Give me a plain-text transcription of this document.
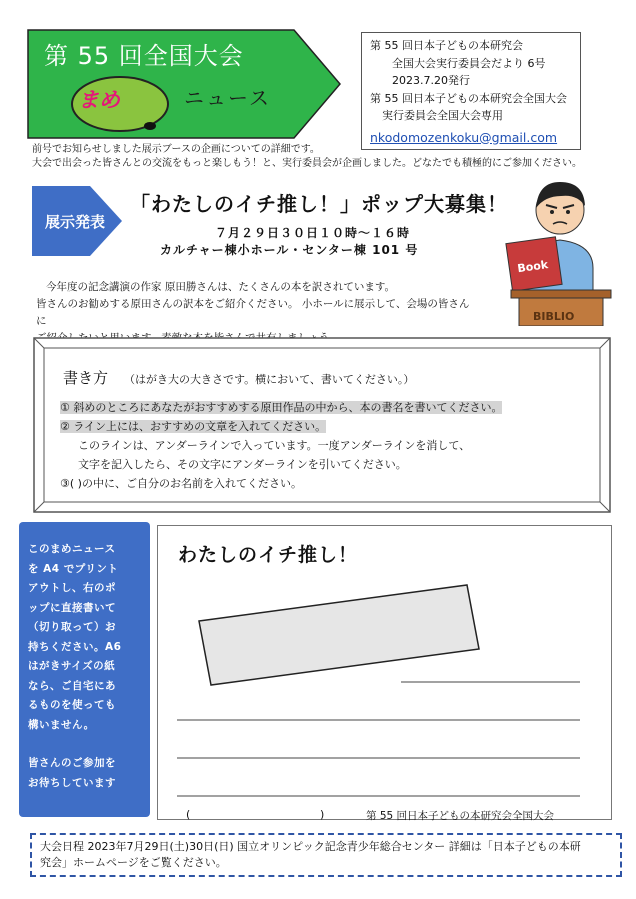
第 55 回全国大会
まめ	ニュース
第 55 回日本子どもの本研究会
全国大会実行委員会だより 6号
2023.7.20発行
第 55 回日本子どもの本研究会全国大会
実行委員会全国大会専用
nkodomozenkoku@gmail.com
前号でお知らせしました展示ブースの企画についての詳細です。
大会で出会った皆さんとの交流をもっと楽しもう！と、実行委員会が企画しました。どなたでも積極的にご参加ください。
展示発表
「わたしのイチ推し！」ポップ大募集！
７月２９日３０日１０時～１６時
カルチャー棟小ホール・センター棟 101 号
今年度の記念講演の作家 原田勝さんは、たくさんの本を訳されています。
皆さんのお勧めする原田さんの訳本をご紹介ください。 小ホールに展示して、会場の皆さんに
Book
BIBLIO
書き方 （はがき大の大きさです。横において、書いてください。）
① 斜めのところにあなたがおすすめする原田作品の中から、本の書名を書いてください。
② ライン上には、おすすめの文章を入れてください。
このラインは、アンダーラインで入っています。一度アンダーラインを消して、
文字を記入したら、その文字にアンダーラインを引いてください。
③( )の中に、ご自分のお名前を入れてください。
このまめニュース
を A4 でプリント
アウトし、右のポ
ップに直接書いて
（切り取って）お
持ちください。A6
はがきサイズの紙
なら、ご自宅にあ
るものを使っても
構いません。
皆さんのご参加を
お待ちしています
わたしのイチ推し！
(	)	第 55 回日本子どもの本研究会全国大会
大会日程 2023年7月29日(土)30日(日) 国立オリンピック記念青少年総合センター 詳細は「日本子どもの本研
究会」ホームページをご覧ください。
